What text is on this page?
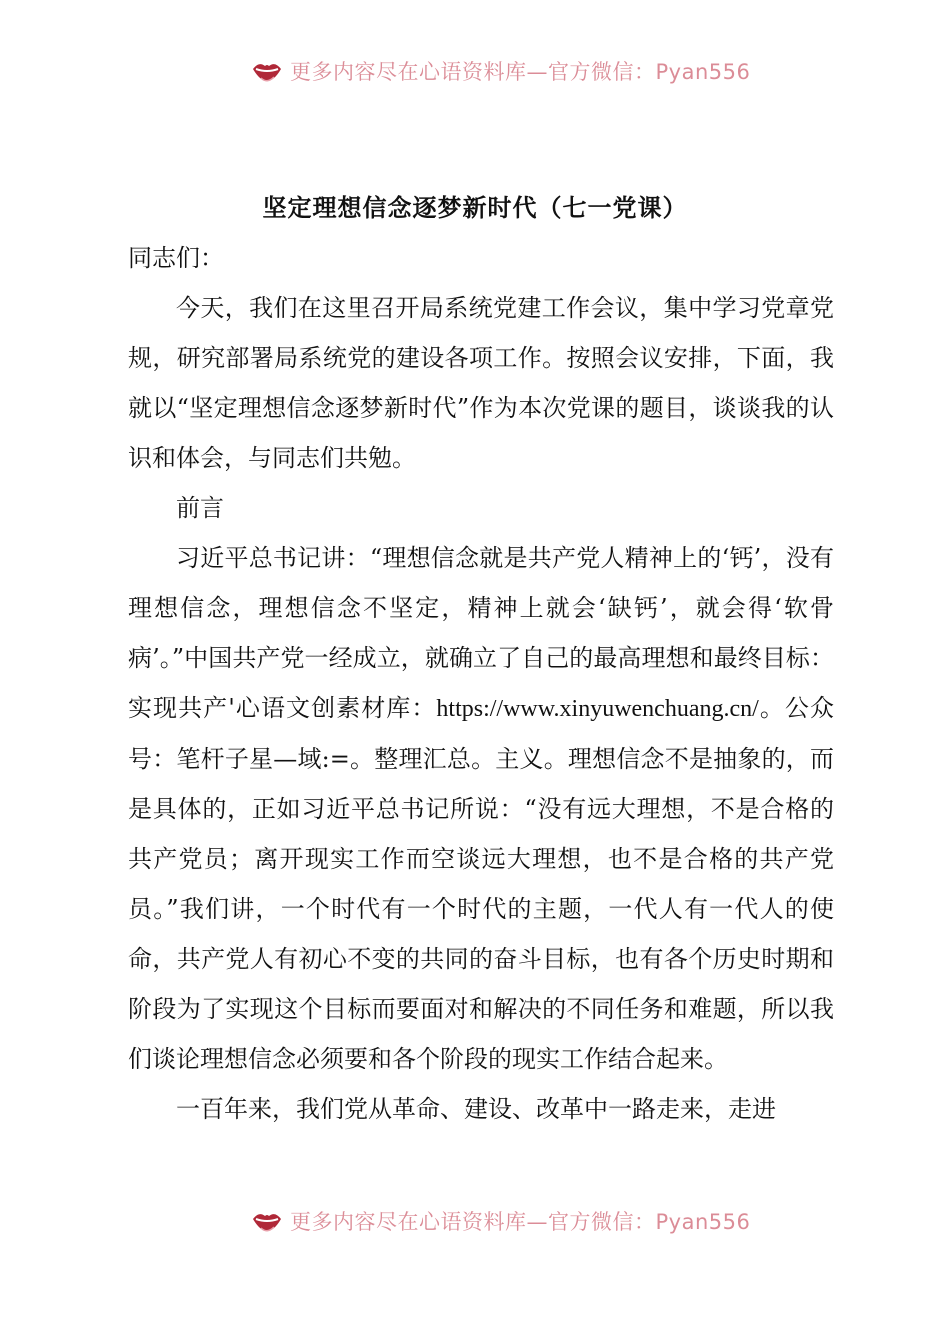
更多内容尽在心语资料库—官方微信：Pyan556
坚定理想信念逐梦新时代（七一党课）

同志们：

今天，我们在这里召开局系统党建工作会议，集中学习党章党规，研究部署局系统党的建设各项工作。按照会议安排，下面，我就以“坚定理想信念逐梦新时代”作为本次党课的题目，谈谈我的认识和体会，与同志们共勉。

前言

习近平总书记讲：“理想信念就是共产党人精神上的‘钙’，没有理想信念，理想信念不坚定，精神上就会‘缺钙’，就会得‘软骨病’。”中国共产党一经成立，就确立了自己的最高理想和最终目标：实现共产'心语文创素材库：https://www.xinyuwenchuang.cn/。公众号：笔杆子星—域:=。整理汇总。主义。理想信念不是抽象的，而是具体的，正如习近平总书记所说：“没有远大理想，不是合格的共产党员；离开现实工作而空谈远大理想，也不是合格的共产党员。”我们讲，一个时代有一个时代的主题，一代人有一代人的使命，共产党人有初心不变的共同的奋斗目标，也有各个历史时期和阶段为了实现这个目标而要面对和解决的不同任务和难题，所以我们谈论理想信念必须要和各个阶段的现实工作结合起来。

一百年来，我们党从革命、建设、改革中一路走来，走进

更多内容尽在心语资料库—官方微信：Pyan556
